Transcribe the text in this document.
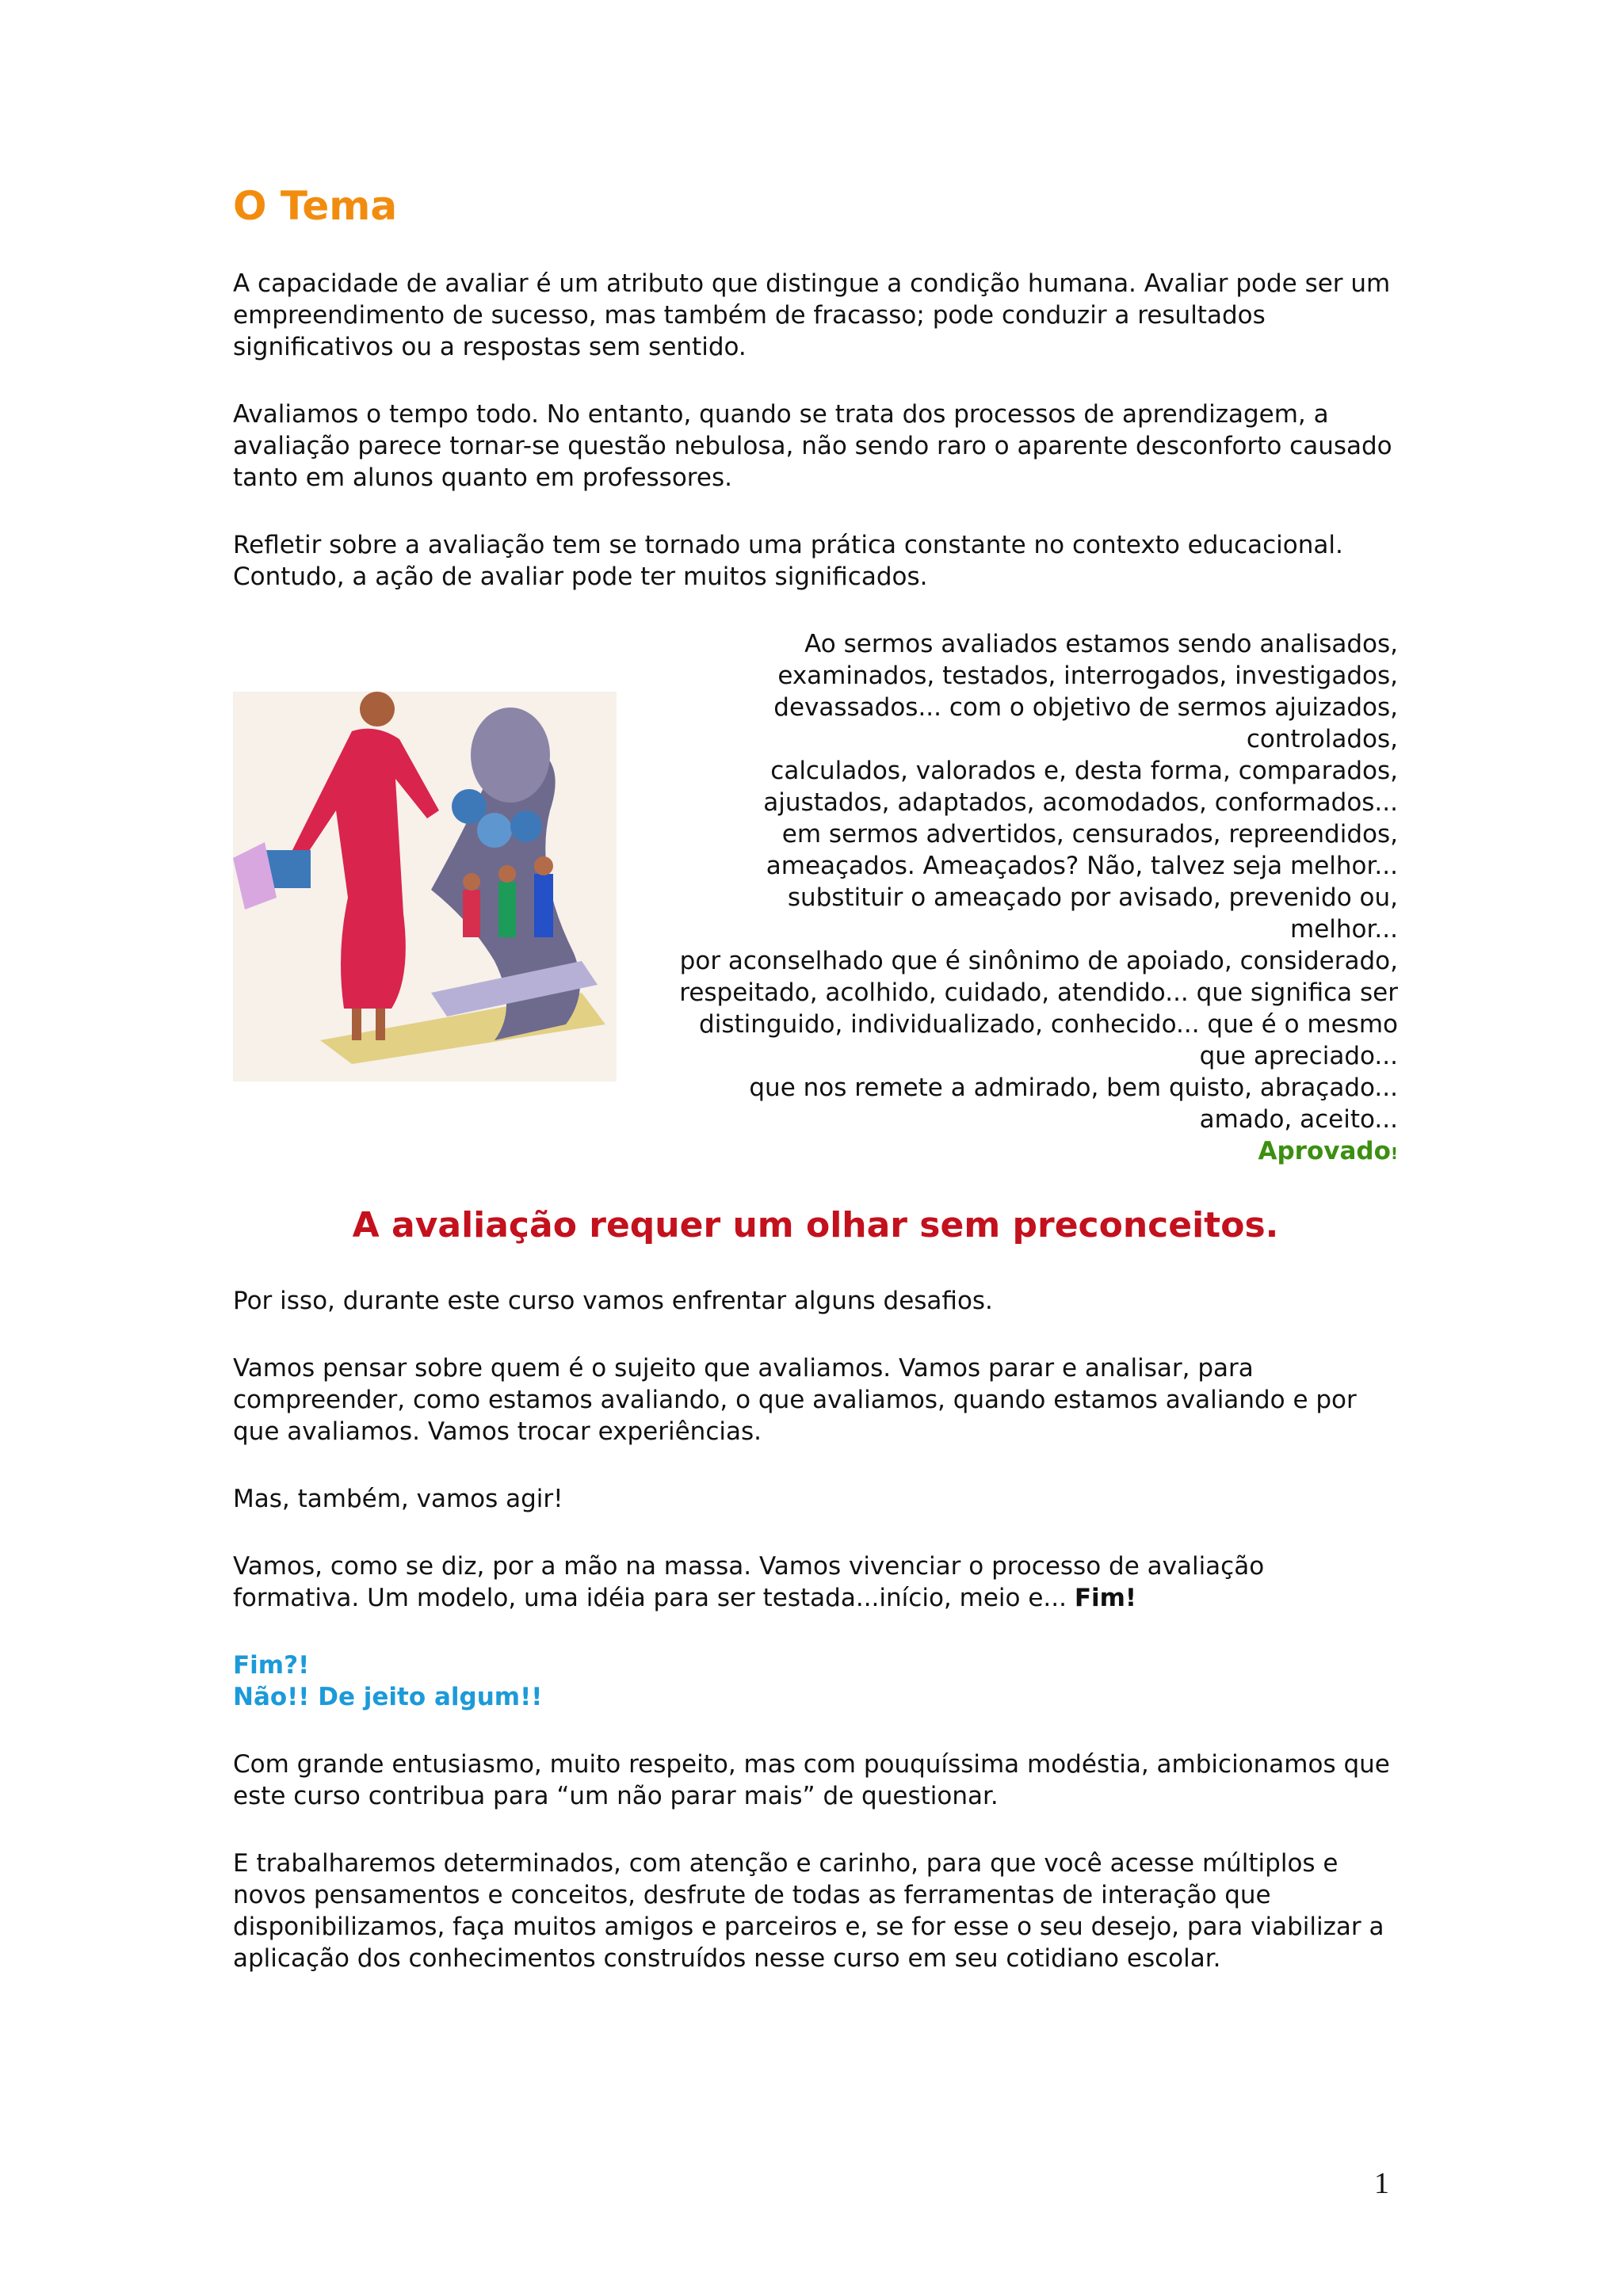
O Tema

A capacidade de avaliar é um atributo que distingue a condição humana. Avaliar pode ser um empreendimento de sucesso, mas também de fracasso; pode conduzir a resultados significativos ou a respostas sem sentido.

Avaliamos o tempo todo. No entanto, quando se trata dos processos de aprendizagem, a avaliação parece tornar-se questão nebulosa, não sendo raro o aparente desconforto causado tanto em alunos quanto em professores.

Refletir sobre a avaliação tem se tornado uma prática constante no contexto educacional. Contudo, a ação de avaliar pode ter muitos significados.

Ao sermos avaliados estamos sendo analisados,
examinados, testados, interrogados, investigados,
devassados... com o objetivo de sermos ajuizados,
controlados,
calculados, valorados e, desta forma, comparados,
ajustados, adaptados, acomodados, conformados...
em sermos advertidos, censurados, repreendidos,
ameaçados. Ameaçados? Não, talvez seja melhor...
substituir o ameaçado por avisado, prevenido ou,
melhor...
por aconselhado que é sinônimo de apoiado, considerado,
respeitado, acolhido, cuidado, atendido... que significa ser
distinguido, individualizado, conhecido... que é o mesmo
que apreciado...
que nos remete a admirado, bem quisto, abraçado...
amado, aceito...
Aprovado!
A avaliação requer um olhar sem preconceitos.

Por isso, durante este curso vamos enfrentar alguns desafios.

Vamos pensar sobre quem é o sujeito que avaliamos. Vamos parar e analisar, para compreender, como estamos avaliando, o que avaliamos, quando estamos avaliando e por que avaliamos. Vamos trocar experiências.

Mas, também, vamos agir!

Vamos, como se diz, por a mão na massa. Vamos vivenciar o processo de avaliação formativa. Um modelo, uma idéia para ser testada...início, meio e... Fim!

Fim?!
Não!! De jeito algum!!

Com grande entusiasmo, muito respeito, mas com pouquíssima modéstia, ambicionamos que este curso contribua para “um não parar mais” de questionar.

E trabalharemos determinados, com atenção e carinho, para que você acesse múltiplos e novos pensamentos e conceitos, desfrute de todas as ferramentas de interação que disponibilizamos, faça muitos amigos e parceiros e, se for esse o seu desejo, para viabilizar a aplicação dos conhecimentos construídos nesse curso em seu cotidiano escolar.

1
